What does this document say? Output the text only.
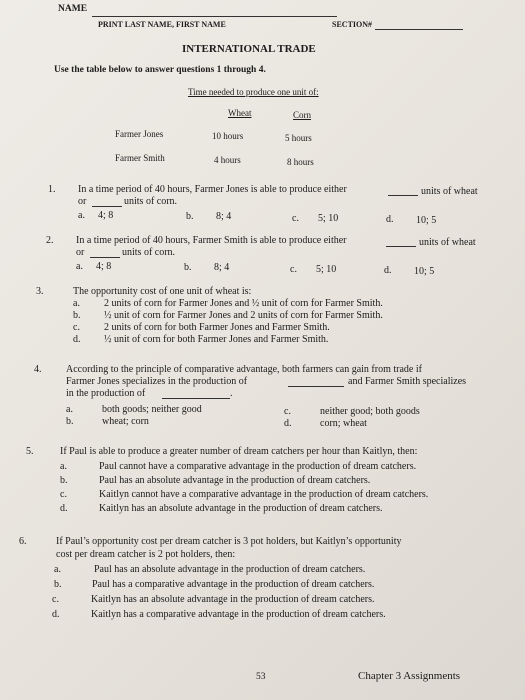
NAME
PRINT LAST NAME, FIRST NAME	SECTION#
INTERNATIONAL TRADE
Use the table below to answer questions 1 through 4.
Time needed to produce one unit of:
Wheat	Corn
Farmer Jones	10 hours	5 hours
Farmer Smith	4 hours	8 hours
1. In a time period of 40 hours, Farmer Jones is able to produce either	units of wheat
or	units of corn.
a. 4; 8	b. 8; 4	c. 5; 10	d. 10; 5
2. In a time period of 40 hours, Farmer Smith is able to produce either	units of wheat
or	units of corn.
a. 4; 8	b. 8; 4	c. 5; 10	d. 10; 5
3.	The opportunity cost of one unit of wheat is:
a. 2 units of corn for Farmer Jones and ½ unit of corn for Farmer Smith.
b. ½ unit of corn for Farmer Jones and 2 units of corn for Farmer Smith.
c. 2 units of corn for both Farmer Jones and Farmer Smith.
d. ½ unit of corn for both Farmer Jones and Farmer Smith.
4. According to the principle of comparative advantage, both farmers can gain from trade if
Farmer Jones specializes in the production of	and Farmer Smith specializes
in the production of	.
a.	both goods; neither good
b.	wheat; corn
c.	neither good; both goods
d.	corn; wheat
5.	If Paul is able to produce a greater number of dream catchers per hour than Kaitlyn, then:
a.	Paul cannot have a comparative advantage in the production of dream catchers.
b.	Paul has an absolute advantage in the production of dream catchers.
c.	Kaitlyn cannot have a comparative advantage in the production of dream catchers.
d.	Kaitlyn has an absolute advantage in the production of dream catchers.
6.	If Paul’s opportunity cost per dream catcher is 3 pot holders, but Kaitlyn’s opportunity
cost per dream catcher is 2 pot holders, then:
a.	Paul has an absolute advantage in the production of dream catchers.
b.	Paul has a comparative advantage in the production of dream catchers.
c.	Kaitlyn has an absolute advantage in the production of dream catchers.
d.	Kaitlyn has a comparative advantage in the production of dream catchers.
53	Chapter 3 Assignments
